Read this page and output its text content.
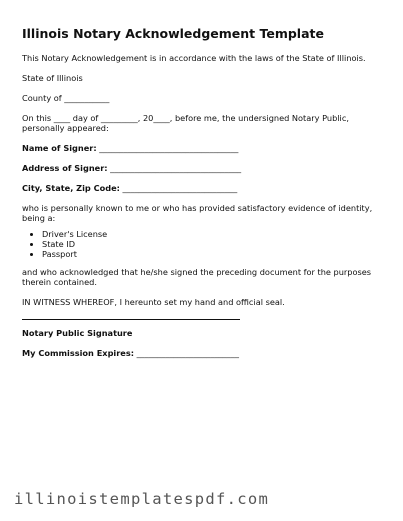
Illinois Notary Acknowledgement Template
This Notary Acknowledgement is in accordance with the laws of the State of Illinois.
State of Illinois
County of ___________
On this ____ day of _________, 20____, before me, the undersigned Notary Public,
personally appeared:
Name of Signer: __________________________________
Address of Signer: ________________________________
City, State, Zip Code: ____________________________
who is personally known to me or who has provided satisfactory evidence of identity,
being a:
• Driver's License
• State ID
• Passport
and who acknowledged that he/she signed the preceding document for the purposes
therein contained.
IN WITNESS WHEREOF, I hereunto set my hand and official seal.
Notary Public Signature
My Commission Expires: _________________________
illinoistemplatespdf.com
